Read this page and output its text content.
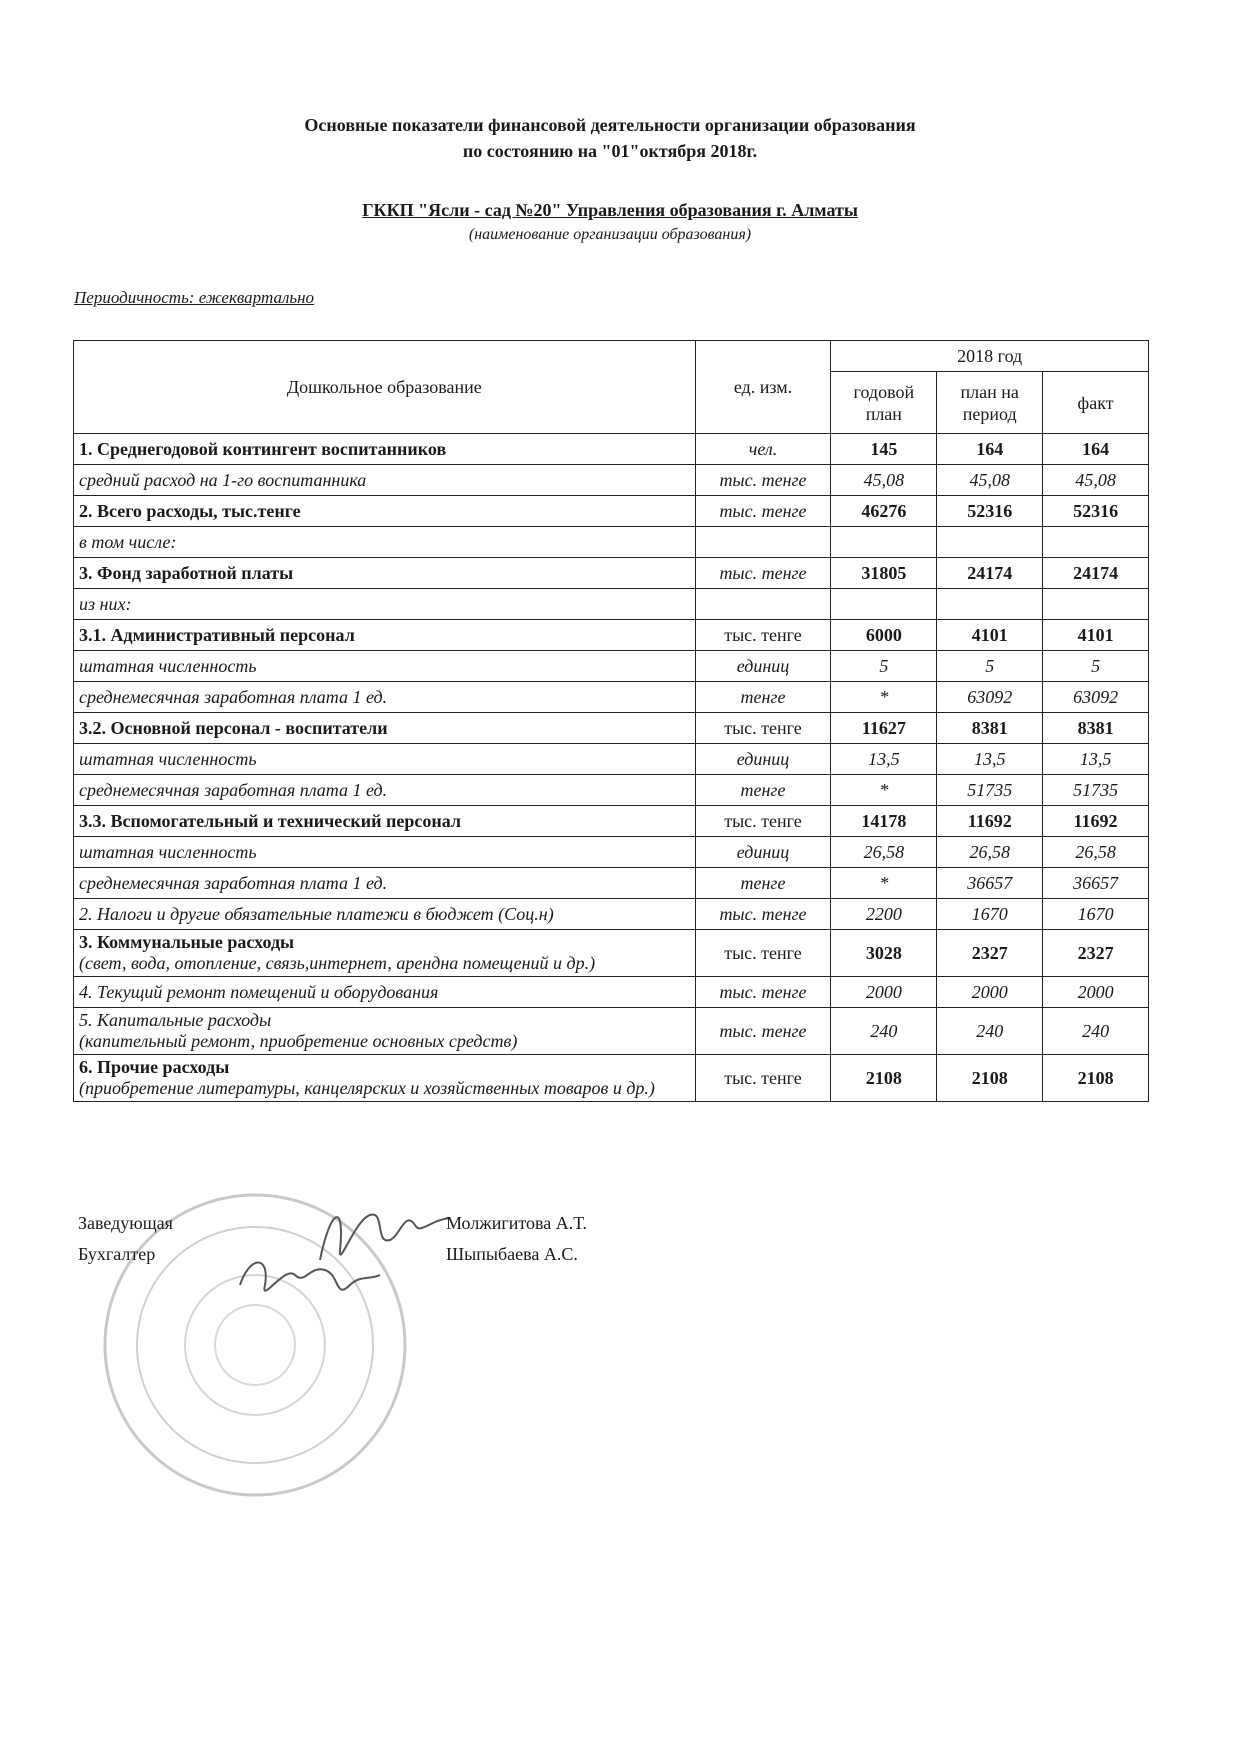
Основные показатели финансовой деятельности организации образования
по состоянию на "01"октября 2018г.
ГККП "Ясли - сад №20" Управления образования г. Алматы
(наименование организации образования)
Периодичность: ежеквартально
Дошкольное образование	ед. изм.	2018 год		
		годовой план	план на период	факт
1. Среднегодовой контингент воспитанников	чел.	145	164	164
средний расход на 1-го воспитанника	тыс. тенге	45,08	45,08	45,08
2. Всего расходы, тыс.тенге	тыс. тенге	46276	52316	52316
в том числе:				
3. Фонд заработной платы	тыс. тенге	31805	24174	24174
из них:				
3.1. Административный персонал	тыс. тенге	6000	4101	4101
штатная численность	единиц	5	5	5
среднемесячная заработная плата 1 ед.	тенге	*	63092	63092
3.2. Основной персонал - воспитатели	тыс. тенге	11627	8381	8381
штатная численность	единиц	13,5	13,5	13,5
среднемесячная заработная плата 1 ед.	тенге	*	51735	51735
3.3. Вспомогательный и технический персонал	тыс. тенге	14178	11692	11692
штатная численность	единиц	26,58	26,58	26,58
среднемесячная заработная плата 1 ед.	тенге	*	36657	36657
2. Налоги и другие обязательные платежи в бюджет (Соц.н)	тыс. тенге	2200	1670	1670
3. Коммунальные расходы
(свет, вода, отопление, связь,интернет, арендна помещений и др.)	тыс. тенге	3028	2327	2327
4. Текущий ремонт помещений и оборудования	тыс. тенге	2000	2000	2000
5. Капитальные расходы
(капительный ремонт, приобретение основных средств)	тыс. тенге	240	240	240
6. Прочие расходы
(приобретение литературы, канцелярских и хозяйственных товаров и др.)	тыс. тенге	2108	2108	2108
Заведующая	Молжигитова А.Т.
Бухгалтер	Шыпыбаева А.С.
